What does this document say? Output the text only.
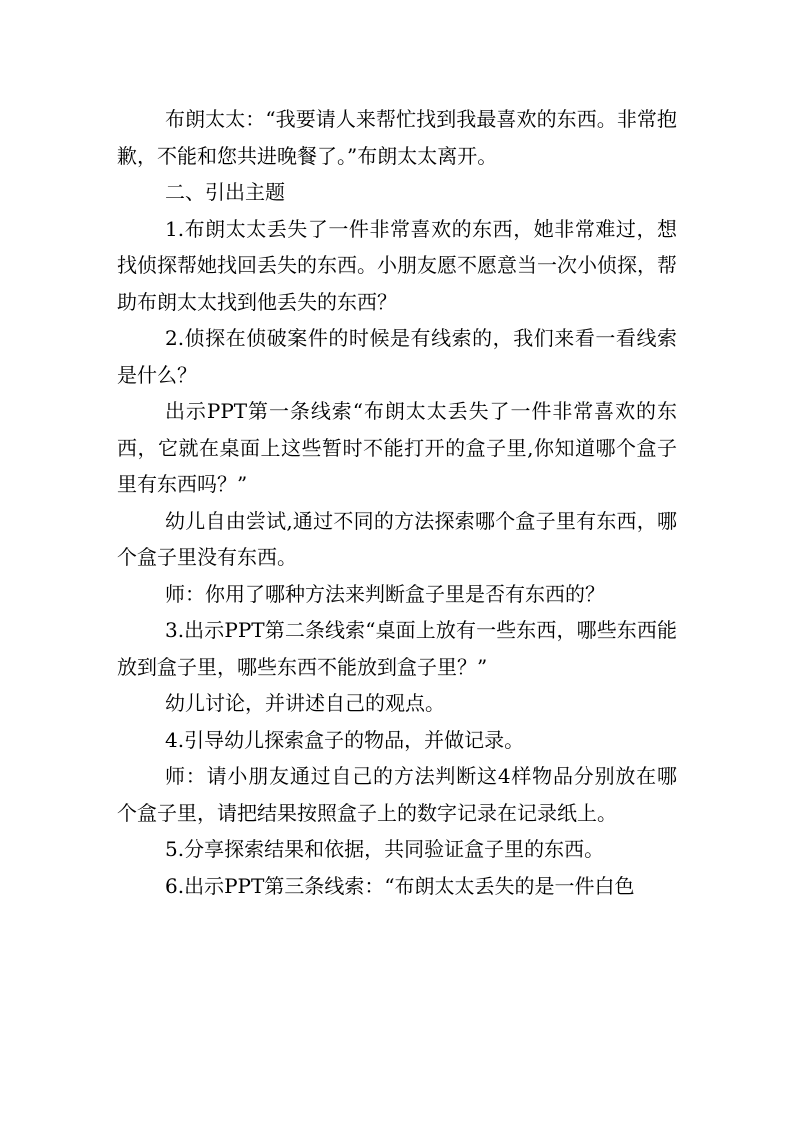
布朗太太：“我要请人来帮忙找到我最喜欢的东西。非常抱歉，不能和您共进晚餐了。”布朗太太离开。

二、引出主题

1.布朗太太丢失了一件非常喜欢的东西，她非常难过，想找侦探帮她找回丢失的东西。小朋友愿不愿意当一次小侦探，帮助布朗太太找到他丢失的东西？

2.侦探在侦破案件的时候是有线索的，我们来看一看线索是什么？

出示PPT第一条线索“布朗太太丢失了一件非常喜欢的东西，它就在桌面上这些暂时不能打开的盒子里,你知道哪个盒子里有东西吗？”

幼儿自由尝试,通过不同的方法探索哪个盒子里有东西，哪个盒子里没有东西。

师：你用了哪种方法来判断盒子里是否有东西的？

3.出示PPT第二条线索“桌面上放有一些东西，哪些东西能放到盒子里，哪些东西不能放到盒子里？”

幼儿讨论，并讲述自己的观点。

4.引导幼儿探索盒子的物品，并做记录。

师：请小朋友通过自己的方法判断这4样物品分别放在哪个盒子里，请把结果按照盒子上的数字记录在记录纸上。

5.分享探索结果和依据，共同验证盒子里的东西。

6.出示PPT第三条线索：“布朗太太丢失的是一件白色
